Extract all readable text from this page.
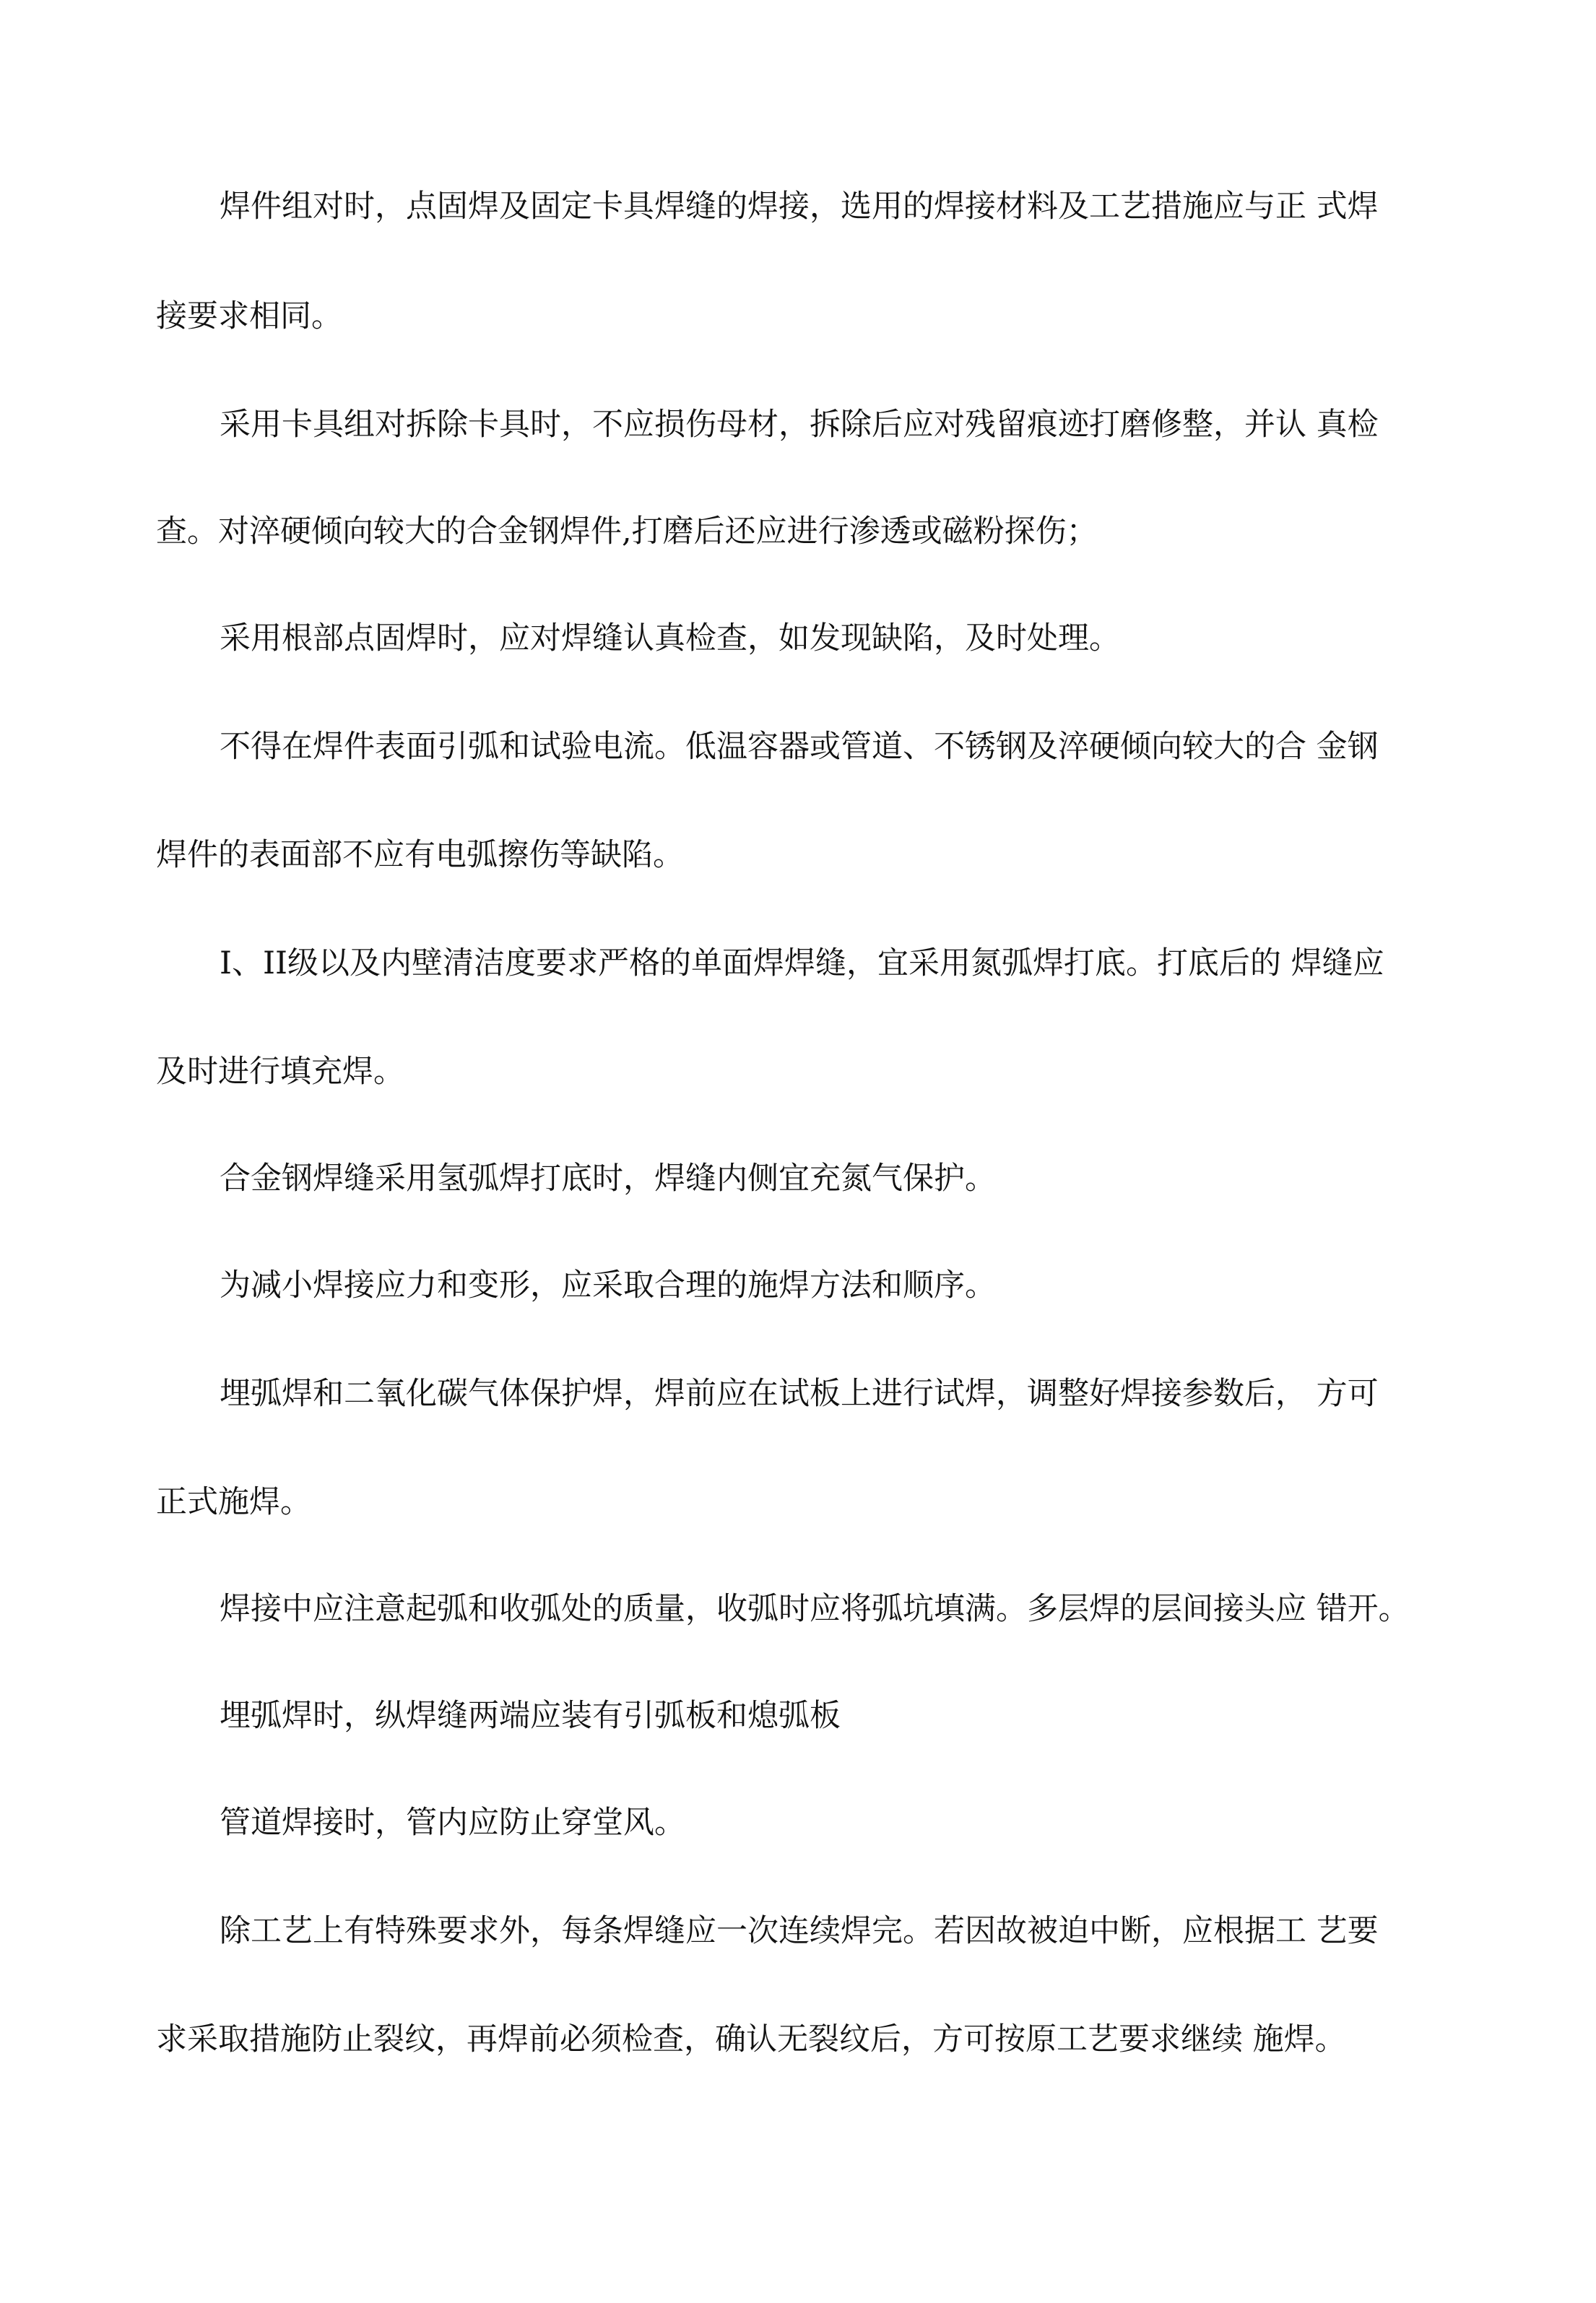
焊件组对时，点固焊及固定卡具焊缝的焊接，选用的焊接材料及工艺措施应与正 式焊
接要求相同。
采用卡具组对拆除卡具时，不应损伤母材，拆除后应对残留痕迹打磨修整，并认 真检
查。对淬硬倾向较大的合金钢焊件,打磨后还应进行渗透或磁粉探伤；
采用根部点固焊时，应对焊缝认真检查，如发现缺陷，及时处理。
不得在焊件表面引弧和试验电流。低温容器或管道、不锈钢及淬硬倾向较大的合 金钢
焊件的表面部不应有电弧擦伤等缺陷。
I、II级以及内壁清洁度要求严格的单面焊焊缝，宜采用氮弧焊打底。打底后的 焊缝应
及时进行填充焊。
合金钢焊缝采用氢弧焊打底时，焊缝内侧宜充氮气保护。
为减小焊接应力和变形，应采取合理的施焊方法和顺序。
埋弧焊和二氧化碳气体保护焊，焊前应在试板上进行试焊，调整好焊接参数后， 方可
正式施焊。
焊接中应注意起弧和收弧处的质量，收弧时应将弧坑填满。多层焊的层间接头应 错开。
埋弧焊时，纵焊缝两端应装有引弧板和熄弧板
管道焊接时，管内应防止穿堂风。
除工艺上有特殊要求外，每条焊缝应一次连续焊完。若因故被迫中断，应根据工 艺要
求采取措施防止裂纹，再焊前必须检查，确认无裂纹后，方可按原工艺要求继续 施焊。
